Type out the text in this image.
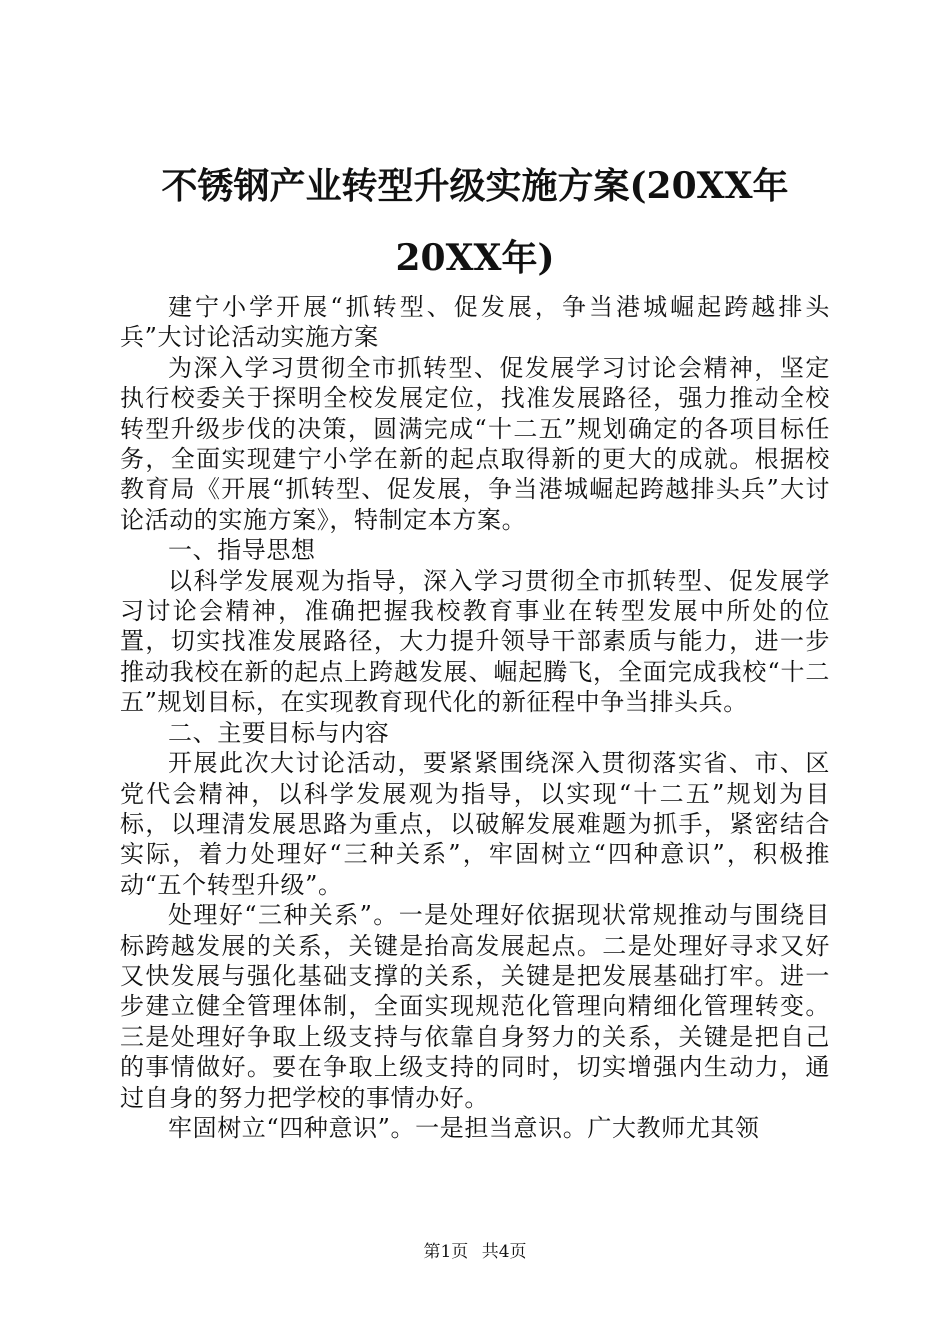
不锈钢产业转型升级实施方案(20XX年20XX年)

建宁小学开展“抓转型、促发展，争当港城崛起跨越排头兵”大讨论活动实施方案

为深入学习贯彻全市抓转型、促发展学习讨论会精神，坚定执行校委关于探明全校发展定位，找准发展路径，强力推动全校转型升级步伐的决策，圆满完成“十二五”规划确定的各项目标任务，全面实现建宁小学在新的起点取得新的更大的成就。根据校教育局《开展“抓转型、促发展，争当港城崛起跨越排头兵”大讨论活动的实施方案》，特制定本方案。

一、指导思想

以科学发展观为指导，深入学习贯彻全市抓转型、促发展学习讨论会精神，准确把握我校教育事业在转型发展中所处的位置，切实找准发展路径，大力提升领导干部素质与能力，进一步推动我校在新的起点上跨越发展、崛起腾飞，全面完成我校“十二五”规划目标，在实现教育现代化的新征程中争当排头兵。

二、主要目标与内容

开展此次大讨论活动，要紧紧围绕深入贯彻落实省、市、区党代会精神，以科学发展观为指导，以实现“十二五”规划为目标，以理清发展思路为重点，以破解发展难题为抓手，紧密结合实际，着力处理好“三种关系”，牢固树立“四种意识”，积极推动“五个转型升级”。

处理好“三种关系”。一是处理好依据现状常规推动与围绕目标跨越发展的关系，关键是抬高发展起点。二是处理好寻求又好又快发展与强化基础支撑的关系，关键是把发展基础打牢。进一步建立健全管理体制，全面实现规范化管理向精细化管理转变。三是处理好争取上级支持与依靠自身努力的关系，关键是把自己的事情做好。要在争取上级支持的同时，切实增强内生动力，通过自身的努力把学校的事情办好。

牢固树立“四种意识”。一是担当意识。广大教师尤其领

第1页 共4页
